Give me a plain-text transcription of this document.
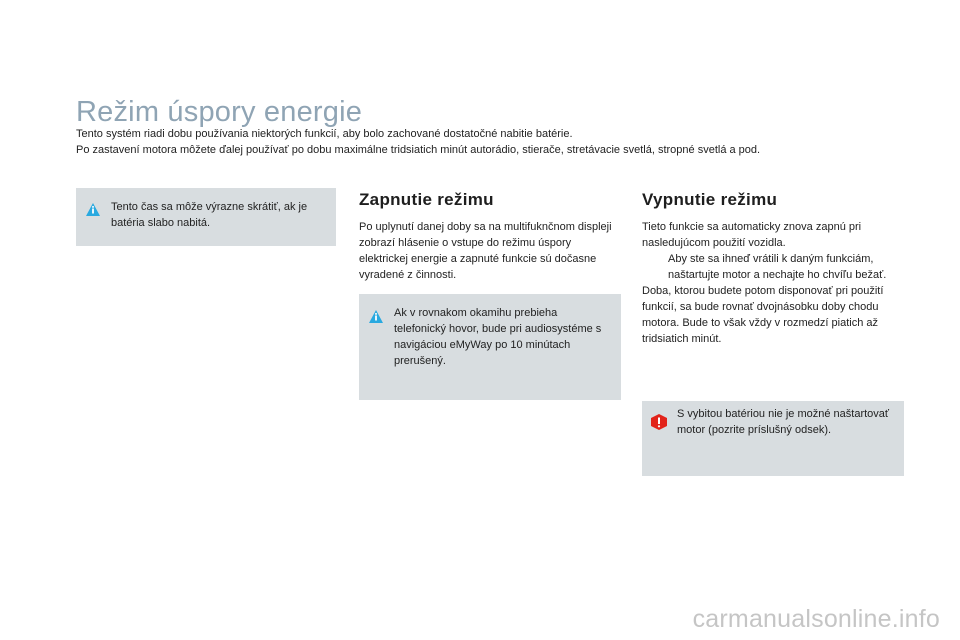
Režim úspory energie
Tento systém riadi dobu používania niektorých funkcií, aby bolo zachované dostatočné nabitie batérie.
Po zastavení motora môžete ďalej používať po dobu maximálne tridsiatich minút autorádio, stierače, stretávacie svetlá, stropné svetlá a pod.
Tento čas sa môže výrazne skrátiť, ak je batéria slabo nabitá.
Zapnutie režimu

Po uplynutí danej doby sa na multifuknčnom displeji zobrazí hlásenie o vstupe do režimu úspory elektrickej energie a zapnuté funkcie sú dočasne vyradené z činnosti.

Ak v rovnakom okamihu prebieha telefonický hovor, bude pri audiosystéme s navigáciou eMyWay po 10 minútach prerušený.
Vypnutie režimu

Tieto funkcie sa automaticky znova zapnú pri nasledujúcom použití vozidla.

Aby ste sa ihneď vrátili k daným funkciám, naštartujte motor a nechajte ho chvíľu bežať.

Doba, ktorou budete potom disponovať pri použití funkcií, sa bude rovnať dvojnásobku doby chodu motora. Bude to však vždy v rozmedzí piatich až tridsiatich minút.

S vybitou batériou nie je možné naštartovať motor (pozrite príslušný odsek).
carmanualsonline.info
